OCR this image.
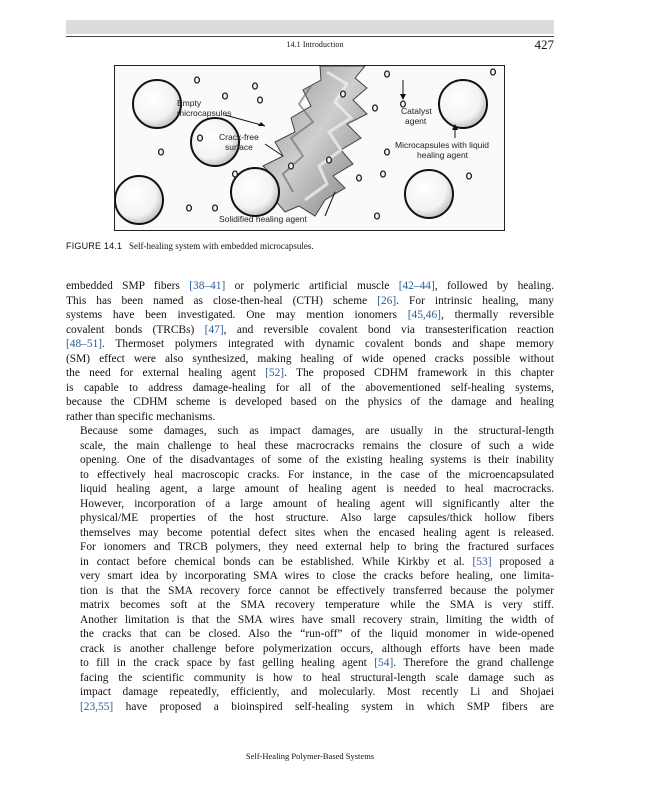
14.1 Introduction	427
Empty
microcapsules
Crack-free
surface
Catalyst
agent
Microcapsules with liquid
healing agent
Solidified healing agent
FIGURE 14.1 Self-healing system with embedded microcapsules.

embedded SMP fibers [38–41] or polymeric artificial muscle [42–44], followed by healing.
This has been named as close-then-heal (CTH) scheme [26]. For intrinsic healing, many
systems have been investigated. One may mention ionomers [45,46], thermally reversible
covalent bonds (TRCBs) [47], and reversible covalent bond via transesterification reaction
[48–51]. Thermoset polymers integrated with dynamic covalent bonds and shape memory
(SM) effect were also synthesized, making healing of wide opened cracks possible without
the need for external healing agent [52]. The proposed CDHM framework in this chapter
is capable to address damage-healing for all of the abovementioned self-healing systems,
because the CDHM scheme is developed based on the physics of the damage and healing
rather than specific mechanisms.

Because some damages, such as impact damages, are usually in the structural-length
scale, the main challenge to heal these macrocracks remains the closure of such a wide
opening. One of the disadvantages of some of the existing healing systems is their inability
to effectively heal macroscopic cracks. For instance, in the case of the microencapsulated
liquid healing agent, a large amount of healing agent is needed to heal macrocracks.
However, incorporation of a large amount of healing agent will significantly alter the
physical/ME properties of the host structure. Also large capsules/thick hollow fibers
themselves may become potential defect sites when the encased healing agent is released.
For ionomers and TRCB polymers, they need external help to bring the fractured surfaces
in contact before chemical bonds can be established. While Kirkby et al. [53] proposed a
very smart idea by incorporating SMA wires to close the cracks before healing, one limita-
tion is that the SMA recovery force cannot be effectively transferred because the polymer
matrix becomes soft at the SMA recovery temperature while the SMA is very stiff.
Another limitation is that the SMA wires have small recovery strain, limiting the width of
the cracks that can be closed. Also the “run-off” of the liquid monomer in wide-opened
crack is another challenge before polymerization occurs, although efforts have been made
to fill in the crack space by fast gelling healing agent [54]. Therefore the grand challenge
facing the scientific community is how to heal structural-length scale damage such as
impact damage repeatedly, efficiently, and molecularly. Most recently Li and Shojaei
[23,55] have proposed a bioinspired self-healing system in which SMP fibers are

Self-Healing Polymer-Based Systems
